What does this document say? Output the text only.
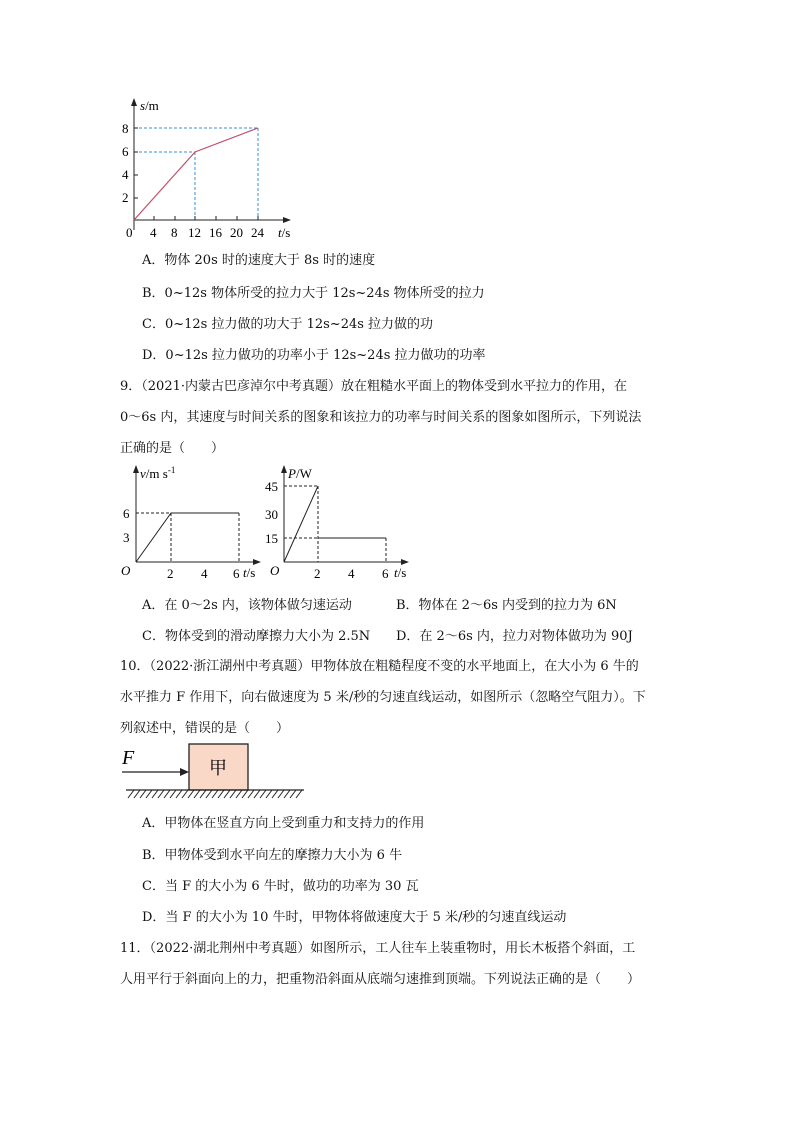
2
4
6
8
0 4 8 12 16 20 24
s/m
t/s
A．物体 20s 时的速度大于 8s 时的速度
B．0~12s 物体所受的拉力大于 12s~24s 物体所受的拉力
C．0~12s 拉力做的功大于 12s~24s 拉力做的功
D．0~12s 拉力做功的功率小于 12s~24s 拉力做功的功率
9．（2021·内蒙古巴彦淖尔中考真题）放在粗糙水平面上的物体受到水平拉力的作用，在
0～6s 内，其速度与时间关系的图象和该拉力的功率与时间关系的图象如图所示，下列说法
正确的是（　　）
3
6
O	2 4 6
v/m $s^{-1}$
t/s
15
30
45
O	2 4 6
P/W
t/s
A．在 0～2s 内，该物体做匀速运动	B．物体在 2～6s 内受到的拉力为 6N
C．物体受到的滑动摩擦力大小为 2.5N D．在 2～6s 内，拉力对物体做功为 90J
10．（2022·浙江湖州中考真题）甲物体放在粗糙程度不变的水平地面上，在大小为 6 牛的
水平推力 F 作用下，向右做速度为 5 米/秒的匀速直线运动，如图所示（忽略空气阻力）。下
列叙述中，错误的是（　　）
F	甲
A．甲物体在竖直方向上受到重力和支持力的作用
B．甲物体受到水平向左的摩擦力大小为 6 牛
C．当 F 的大小为 6 牛时，做功的功率为 30 瓦
D．当 F 的大小为 10 牛时，甲物体将做速度大于 5 米/秒的匀速直线运动
11．（2022·湖北荆州中考真题）如图所示，工人往车上装重物时，用长木板搭个斜面，工
人用平行于斜面向上的力，把重物沿斜面从底端匀速推到顶端。下列说法正确的是（　　）
